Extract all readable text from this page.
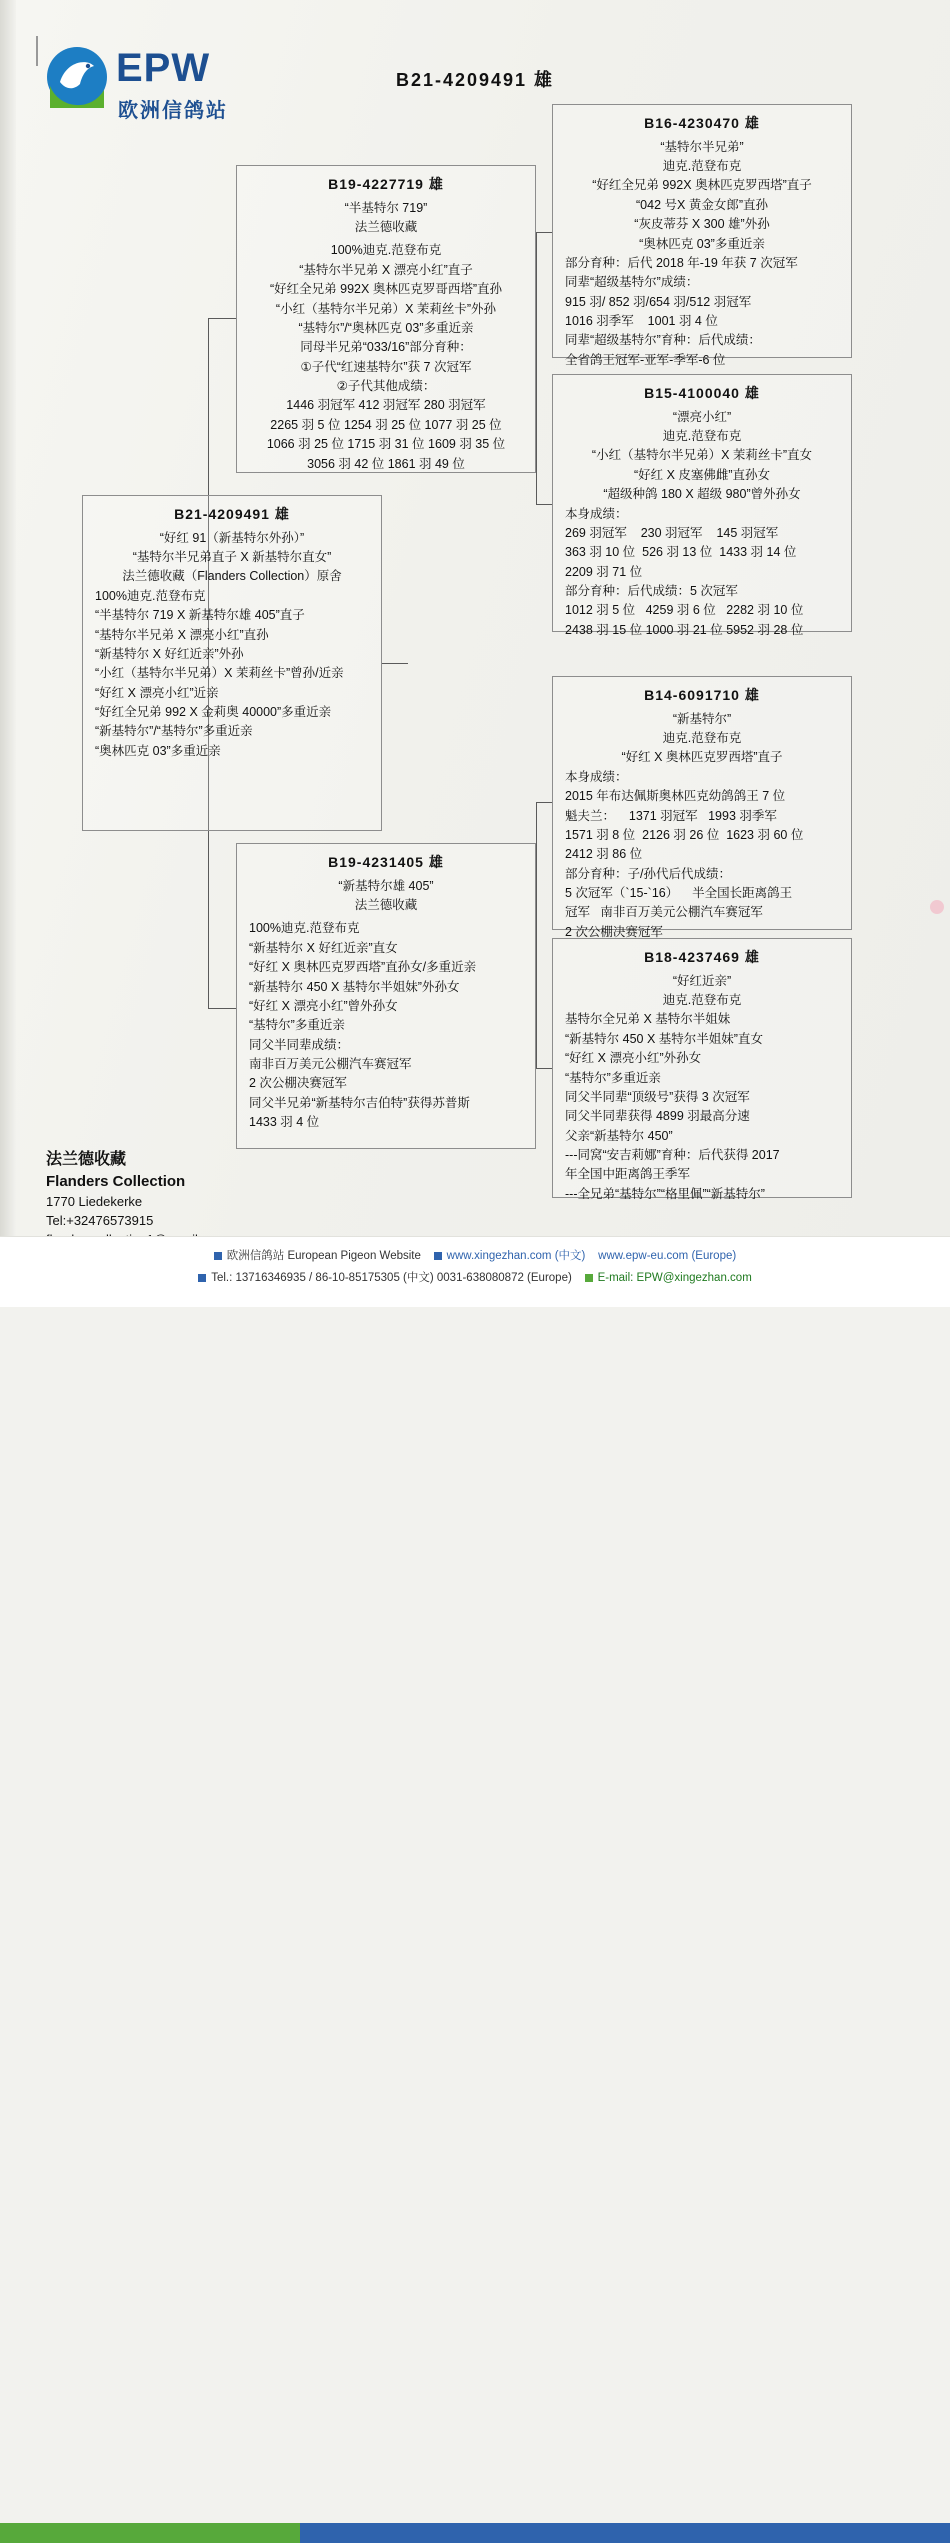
EPW
欧洲信鸽站
B21-4209491 雄
B21-4209491 雄
“好红 91（新基特尔外孙）”
“基特尔半兄弟直子 X 新基特尔直女”
法兰德收藏（Flanders Collection）原舍
100%迪克.范登布克
“半基特尔 719 X 新基特尔雄 405”直子
“基特尔半兄弟 X 漂亮小红”直孙
“新基特尔 X 好红近亲”外孙
“小红（基特尔半兄弟）X 茉莉丝卡”曾孙/近亲
“好红 X 漂亮小红”近亲
“好红全兄弟 992 X 金莉奥 40000”多重近亲
“新基特尔”/“基特尔”多重近亲
“奥林匹克 03”多重近亲
B19-4227719 雄
“半基特尔 719”
法兰德收藏
100%迪克.范登布克
“基特尔半兄弟 X 漂亮小红”直子
“好红全兄弟 992X 奥林匹克罗哥西塔”直孙
“小红（基特尔半兄弟）X 茉莉丝卡”外孙
“基特尔”/“奥林匹克 03”多重近亲
同母半兄弟“033/16”部分育种：
①子代“红速基特尔”获 7 次冠军
②子代其他成绩：
1446 羽冠军 412 羽冠军 280 羽冠军
2265 羽 5 位 1254 羽 25 位 1077 羽 25 位
1066 羽 25 位 1715 羽 31 位 1609 羽 35 位
3056 羽 42 位 1861 羽 49 位
B19-4231405 雄
“新基特尔雄 405”
法兰德收藏
100%迪克.范登布克
“新基特尔 X 好红近亲”直女
“好红 X 奥林匹克罗西塔”直孙女/多重近亲
“新基特尔 450 X 基特尔半姐妹”外孙女
“好红 X 漂亮小红”曾外孙女
“基特尔”多重近亲
同父半同辈成绩：
南非百万美元公棚汽车赛冠军
2 次公棚决赛冠军
同父半兄弟“新基特尔吉伯特”获得苏普斯
1433 羽 4 位
B16-4230470 雄
“基特尔半兄弟”
迪克.范登布克
“好红全兄弟 992X 奥林匹克罗西塔”直子
“042 号X 黄金女郎”直孙
“灰皮蒂芬 X 300 雄”外孙
“奥林匹克 03”多重近亲
部分育种：后代 2018 年-19 年获 7 次冠军
同辈“超级基特尔”成绩：
915 羽/ 852 羽/654 羽/512 羽冠军
1016 羽季军    1001 羽 4 位
同辈“超级基特尔”育种：后代成绩：
全省鸽王冠军-亚军-季军-6 位
B15-4100040 雄
“漂亮小红”
迪克.范登布克
“小红（基特尔半兄弟）X 茉莉丝卡”直女
“好红 X 皮塞佛雌”直孙女
“超级种鸽 180 X 超级 980”曾外孙女
本身成绩：
269 羽冠军    230 羽冠军    145 羽冠军
363 羽 10 位  526 羽 13 位  1433 羽 14 位
2209 羽 71 位
部分育种：后代成绩：5 次冠军
1012 羽 5 位   4259 羽 6 位   2282 羽 10 位
2438 羽 15 位 1000 羽 21 位 5952 羽 28 位
B14-6091710 雄
“新基特尔”
迪克.范登布克
“好红 X 奥林匹克罗西塔”直子
本身成绩：
2015 年布达佩斯奥林匹克幼鸽鸽王 7 位
魁夫兰：    1371 羽冠军   1993 羽季军
1571 羽 8 位  2126 羽 26 位  1623 羽 60 位
2412 羽 86 位
部分育种：子/孙代后代成绩：
5 次冠军（`15-`16）    半全国长距离鸽王
冠军   南非百万美元公棚汽车赛冠军
2 次公棚决赛冠军
B18-4237469 雄
“好红近亲”
迪克.范登布克
基特尔全兄弟 X 基特尔半姐妹
“新基特尔 450 X 基特尔半姐妹”直女
“好红 X 漂亮小红”外孙女
“基特尔”多重近亲
同父半同辈“顶级号”获得 3 次冠军
同父半同辈获得 4899 羽最高分速
父亲“新基特尔 450”
---同窝“安吉莉娜”育种：后代获得 2017
年全国中距离鸽王季军
---全兄弟“基特尔”“格里佩”“新基特尔”
法兰德收藏
Flanders Collection
1770 Liedekerke
Tel:+32476573915
欧洲信鸽站 European Pigeon Website www.xingezhan.com (中文) www.epw-eu.com (Europe)
Tel.: 13716346935 / 86-10-85175305 (中文) 0031-638080872 (Europe) E-mail: EPW@xingezhan.com
